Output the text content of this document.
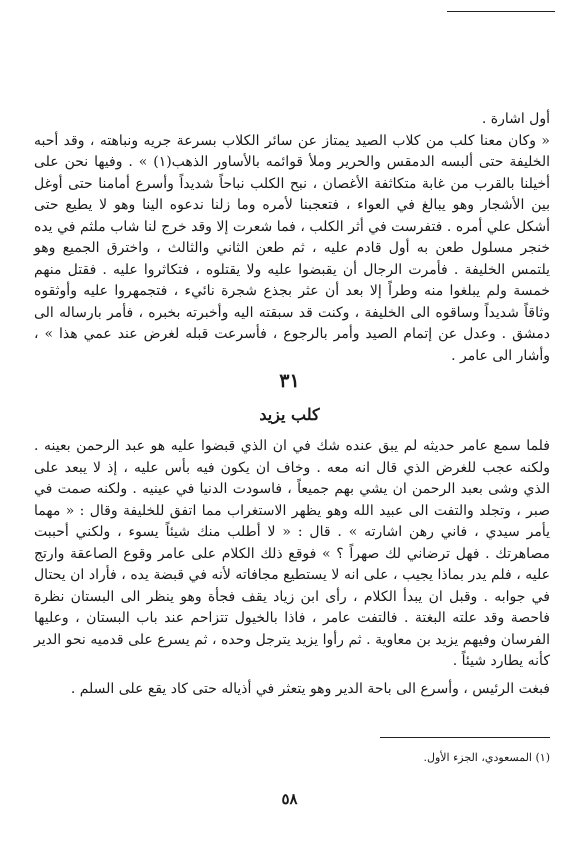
أول اشارة .

« وكان معنا كلب من كلاب الصيد يمتاز عن سائر الكلاب بسرعة جريه ونباهته ، وقد أحبه الخليفة حتى ألبسه الدمقس والحرير وملأ قوائمه بالأساور الذهب(١) » . وفيها نحن على أخيلنا بالقرب من غابة متكاثفة الأغصان ، نبح الكلب نباحاً شديداً وأسرع أمامنا حتى أوغل بين الأشجار وهو يبالغ في العواء ، فتعجبنا لأمره وما زلنا ندعوه الينا وهو لا يطيع حتى أشكل علي أمره . فتفرست في أثر الكلب ، فما شعرت إلا وقد خرج لنا شاب ملثم في يده خنجر مسلول طعن به أول قادم عليه ، ثم طعن الثاني والثالث ، واخترق الجميع وهو يلتمس الخليفة . فأمرت الرجال أن يقبضوا عليه ولا يقتلوه ، فتكاثروا عليه . فقتل منهم خمسة ولم يبلغوا منه وطراً إلا بعد أن عثر بجذع شجرة نائيء ، فتجمهروا عليه وأوثقوه وثاقاً شديداً وساقوه الى الخليفة ، وكنت قد سبقته اليه وأخبرته بخبره ، فأمر بارساله الى دمشق . وعدل عن إتمام الصيد وأمر بالرجوع ، فأسرعت قبله لغرض عند عمي هذا » ، وأشار الى عامر .

٣١
كلب يزيد

فلما سمع عامر حديثه لم يبق عنده شك في ان الذي قبضوا عليه هو عبد الرحمن بعينه . ولكنه عجب للغرض الذي قال انه معه . وخاف ان يكون فيه بأس عليه ، إذ لا يبعد على الذي وشى بعبد الرحمن ان يشي بهم جميعاً ، فاسودت الدنيا في عينيه . ولكنه صمت في صبر ، وتجلد والتفت الى عبيد الله وهو يظهر الاستغراب مما اتفق للخليفة وقال : « مهما يأمر سيدي ، فاني رهن اشارته » . قال : « لا أطلب منك شيئاً يسوء ، ولكني أحببت مصاهرتك . فهل ترضاني لك صهراً ؟ » فوقع ذلك الكلام على عامر وقوع الصاعقة وارتج عليه ، فلم يدر بماذا يجيب ، على انه لا يستطيع مجافاته لأنه في قبضة يده ، فأراد ان يحتال في جوابه . وقبل ان يبدأ الكلام ، رأى ابن زياد يقف فجأة وهو ينظر الى البستان نظرة فاحصة وقد علته البغتة . فالتفت عامر ، فاذا بالخيول تتزاحم عند باب البستان ، وعليها الفرسان وفيهم يزيد بن معاوية . ثم رأوا يزيد يترجل وحده ، ثم يسرع على قدميه نحو الدير كأنه يطارد شيئاً .

فبغت الرئيس ، وأسرع الى باحة الدير وهو يتعثر في أذياله حتى كاد يقع على السلم .

(١) المسعودي، الجزء الأول.
٥٨
